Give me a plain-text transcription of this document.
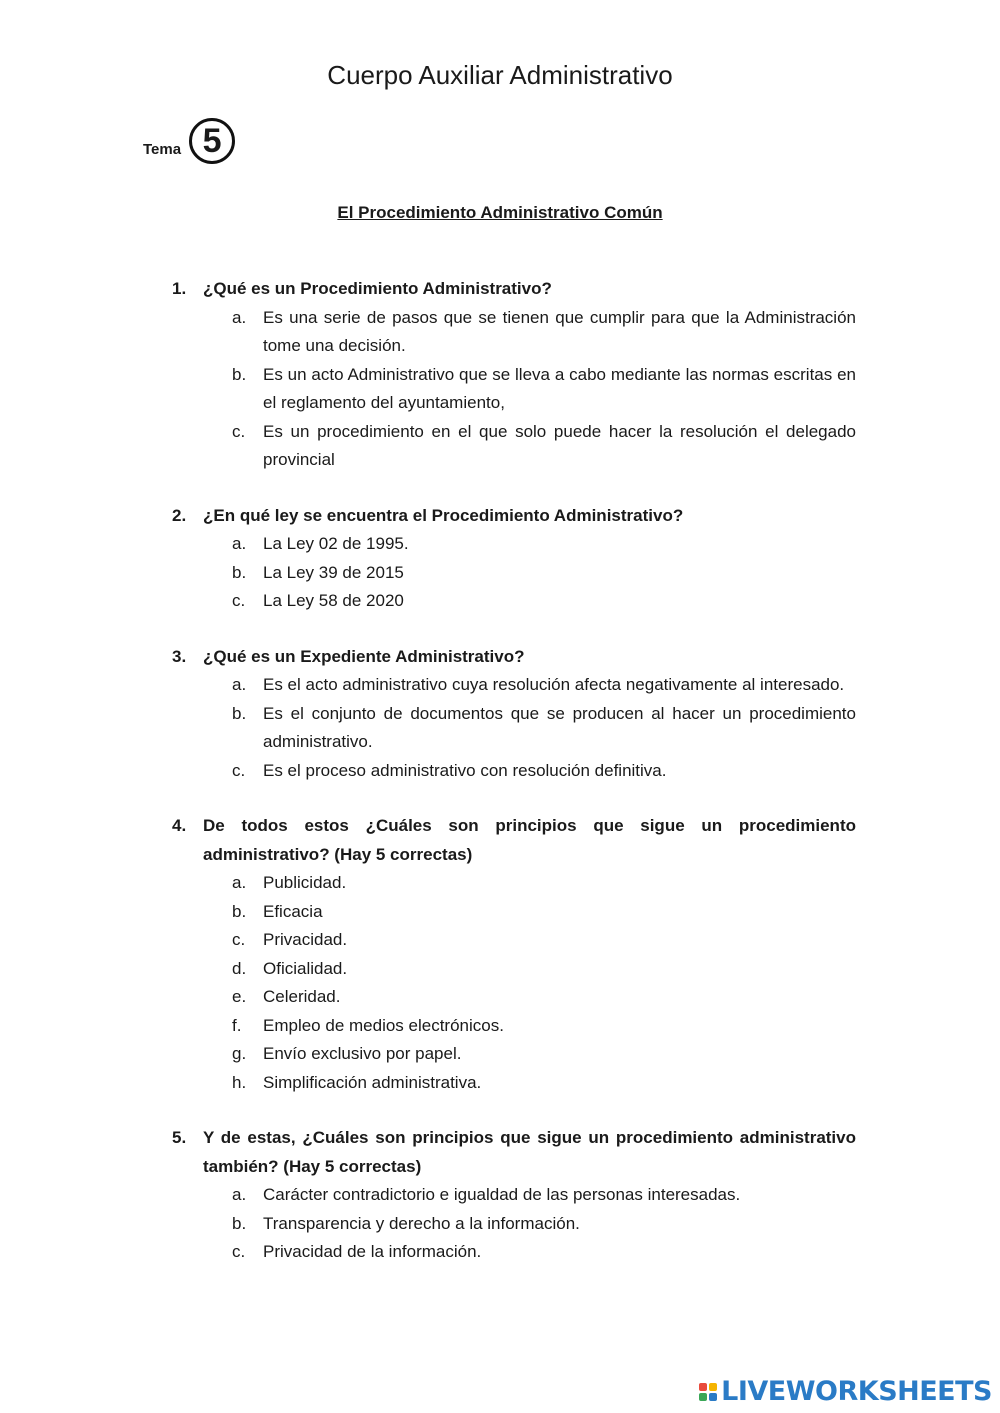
Cuerpo Auxiliar Administrativo
Tema 5
El Procedimiento Administrativo Común
1. ¿Qué es un Procedimiento Administrativo?
a. Es una serie de pasos que se tienen que cumplir para que la Administración tome una decisión.
b. Es un acto Administrativo que se lleva a cabo mediante las normas escritas en el reglamento del ayuntamiento,
c.	Es un procedimiento en el que solo puede hacer la resolución el delegado provincial
2. ¿En qué ley se encuentra el Procedimiento Administrativo?
a. La Ley 02 de 1995.
b. La Ley 39 de 2015
c.	La Ley 58 de 2020
3. ¿Qué es un Expediente Administrativo?
a. Es el acto administrativo cuya resolución afecta negativamente al interesado.
b. Es el conjunto de documentos que se producen al hacer un procedimiento administrativo.
c.	Es el proceso administrativo con resolución definitiva.
4. De todos estos ¿Cuáles son principios que sigue un procedimiento administrativo? (Hay 5 correctas)
a. Publicidad.
b. Eficacia
c.	Privacidad.
d. Oficialidad.
e. Celeridad.
f.	Empleo de medios electrónicos.
g. Envío exclusivo por papel.
h. Simplificación administrativa.
5. Y de estas, ¿Cuáles son principios que sigue un procedimiento administrativo también? (Hay 5 correctas)
a. Carácter contradictorio e igualdad de las personas interesadas.
b. Transparencia y derecho a la información.
c.	Privacidad de la información.
LIVEWORKSHEETS
